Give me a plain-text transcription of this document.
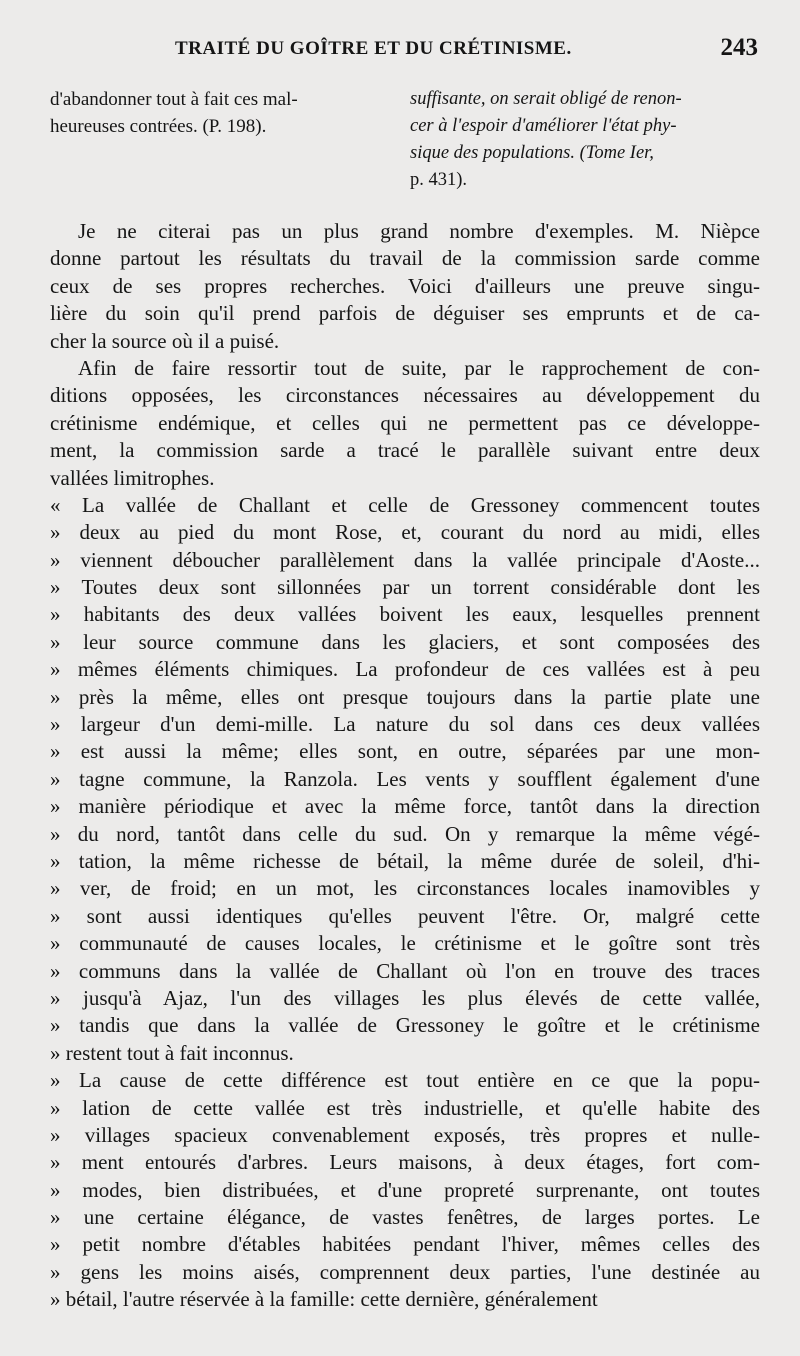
TRAITÉ DU GOÎTRE ET DU CRÉTINISME.	243
d'abandonner tout à fait ces mal-
heureuses contrées. (P. 198).
suffisante, on serait obligé de renon-
cer à l'espoir d'améliorer l'état phy-
sique des populations. (Tome Ier,
p. 431).
Je ne citerai pas un plus grand nombre d'exemples. M. Nièpce
donne partout les résultats du travail de la commission sarde comme
ceux de ses propres recherches. Voici d'ailleurs une preuve singu-
lière du soin qu'il prend parfois de déguiser ses emprunts et de ca-
cher la source où il a puisé.
Afin de faire ressortir tout de suite, par le rapprochement de con-
ditions opposées, les circonstances nécessaires au développement du
crétinisme endémique, et celles qui ne permettent pas ce développe-
ment, la commission sarde a tracé le parallèle suivant entre deux
vallées limitrophes.
« La vallée de Challant et celle de Gressoney commencent toutes
» deux au pied du mont Rose, et, courant du nord au midi, elles
» viennent déboucher parallèlement dans la vallée principale d'Aoste...
» Toutes deux sont sillonnées par un torrent considérable dont les
» habitants des deux vallées boivent les eaux, lesquelles prennent
» leur source commune dans les glaciers, et sont composées des
» mêmes éléments chimiques. La profondeur de ces vallées est à peu
» près la même, elles ont presque toujours dans la partie plate une
» largeur d'un demi-mille. La nature du sol dans ces deux vallées
» est aussi la même; elles sont, en outre, séparées par une mon-
» tagne commune, la Ranzola. Les vents y soufflent également d'une
» manière périodique et avec la même force, tantôt dans la direction
» du nord, tantôt dans celle du sud. On y remarque la même végé-
» tation, la même richesse de bétail, la même durée de soleil, d'hi-
» ver, de froid; en un mot, les circonstances locales inamovibles y
» sont aussi identiques qu'elles peuvent l'être. Or, malgré cette
» communauté de causes locales, le crétinisme et le goître sont très
» communs dans la vallée de Challant où l'on en trouve des traces
» jusqu'à Ajaz, l'un des villages les plus élevés de cette vallée,
» tandis que dans la vallée de Gressoney le goître et le crétinisme
» restent tout à fait inconnus.
» La cause de cette différence est tout entière en ce que la popu-
» lation de cette vallée est très industrielle, et qu'elle habite des
» villages spacieux convenablement exposés, très propres et nulle-
» ment entourés d'arbres. Leurs maisons, à deux étages, fort com-
» modes, bien distribuées, et d'une propreté surprenante, ont toutes
» une certaine élégance, de vastes fenêtres, de larges portes. Le
» petit nombre d'étables habitées pendant l'hiver, mêmes celles des
» gens les moins aisés, comprennent deux parties, l'une destinée au
» bétail, l'autre réservée à la famille: cette dernière, généralement
